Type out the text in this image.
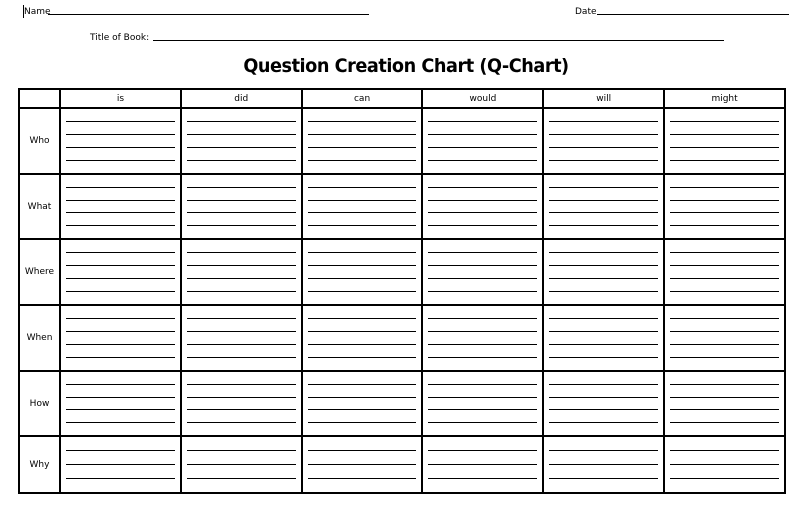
Name	Date
Title of Book:
Question Creation Chart (Q-Chart)
	is	did	can	would	will	might
Who	

What	

Where	

When	

How	

Why	
